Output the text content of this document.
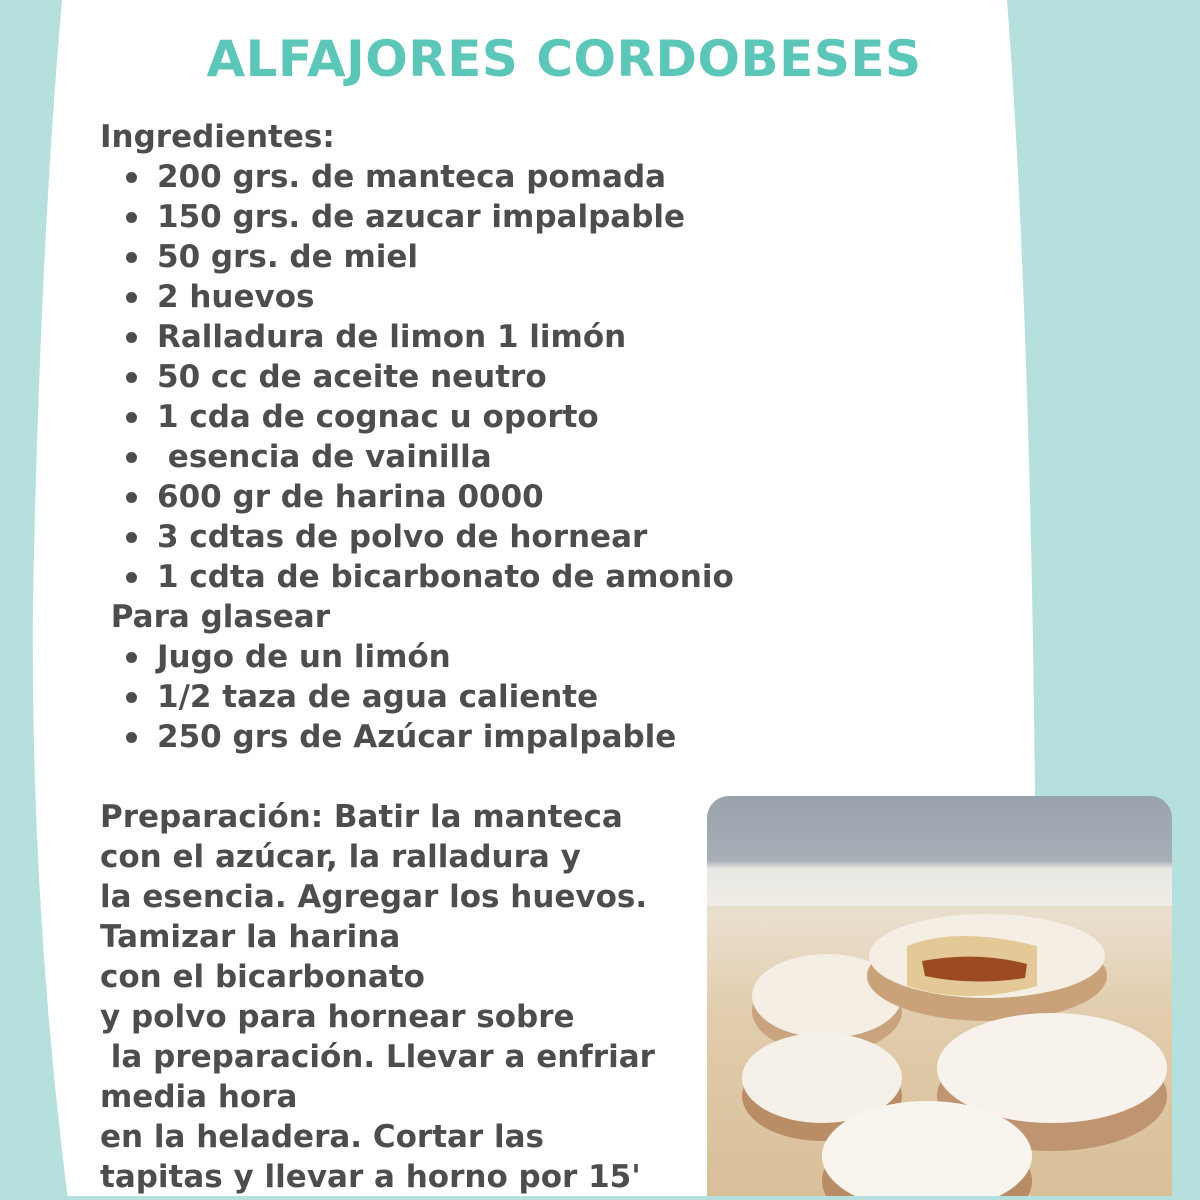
ALFAJORES CORDOBESES
Ingredientes:
200 grs. de manteca pomada
150 grs. de azucar impalpable
50 grs. de miel
2 huevos
Ralladura de limon 1 limón
50 cc de aceite neutro
1 cda de cognac u oporto
esencia de vainilla
600 gr de harina 0000
3 cdtas de polvo de hornear
1 cdta de bicarbonato de amonio
Para glasear
Jugo de un limón
1/2 taza de agua caliente
250 grs de Azúcar impalpable
Preparación: Batir la manteca
con el azúcar, la ralladura y
la esencia. Agregar los huevos.
Tamizar la harina
con el bicarbonato
y polvo para hornear sobre
la preparación. Llevar a enfriar
media hora
en la heladera. Cortar las
tapitas y llevar a horno por 15'
